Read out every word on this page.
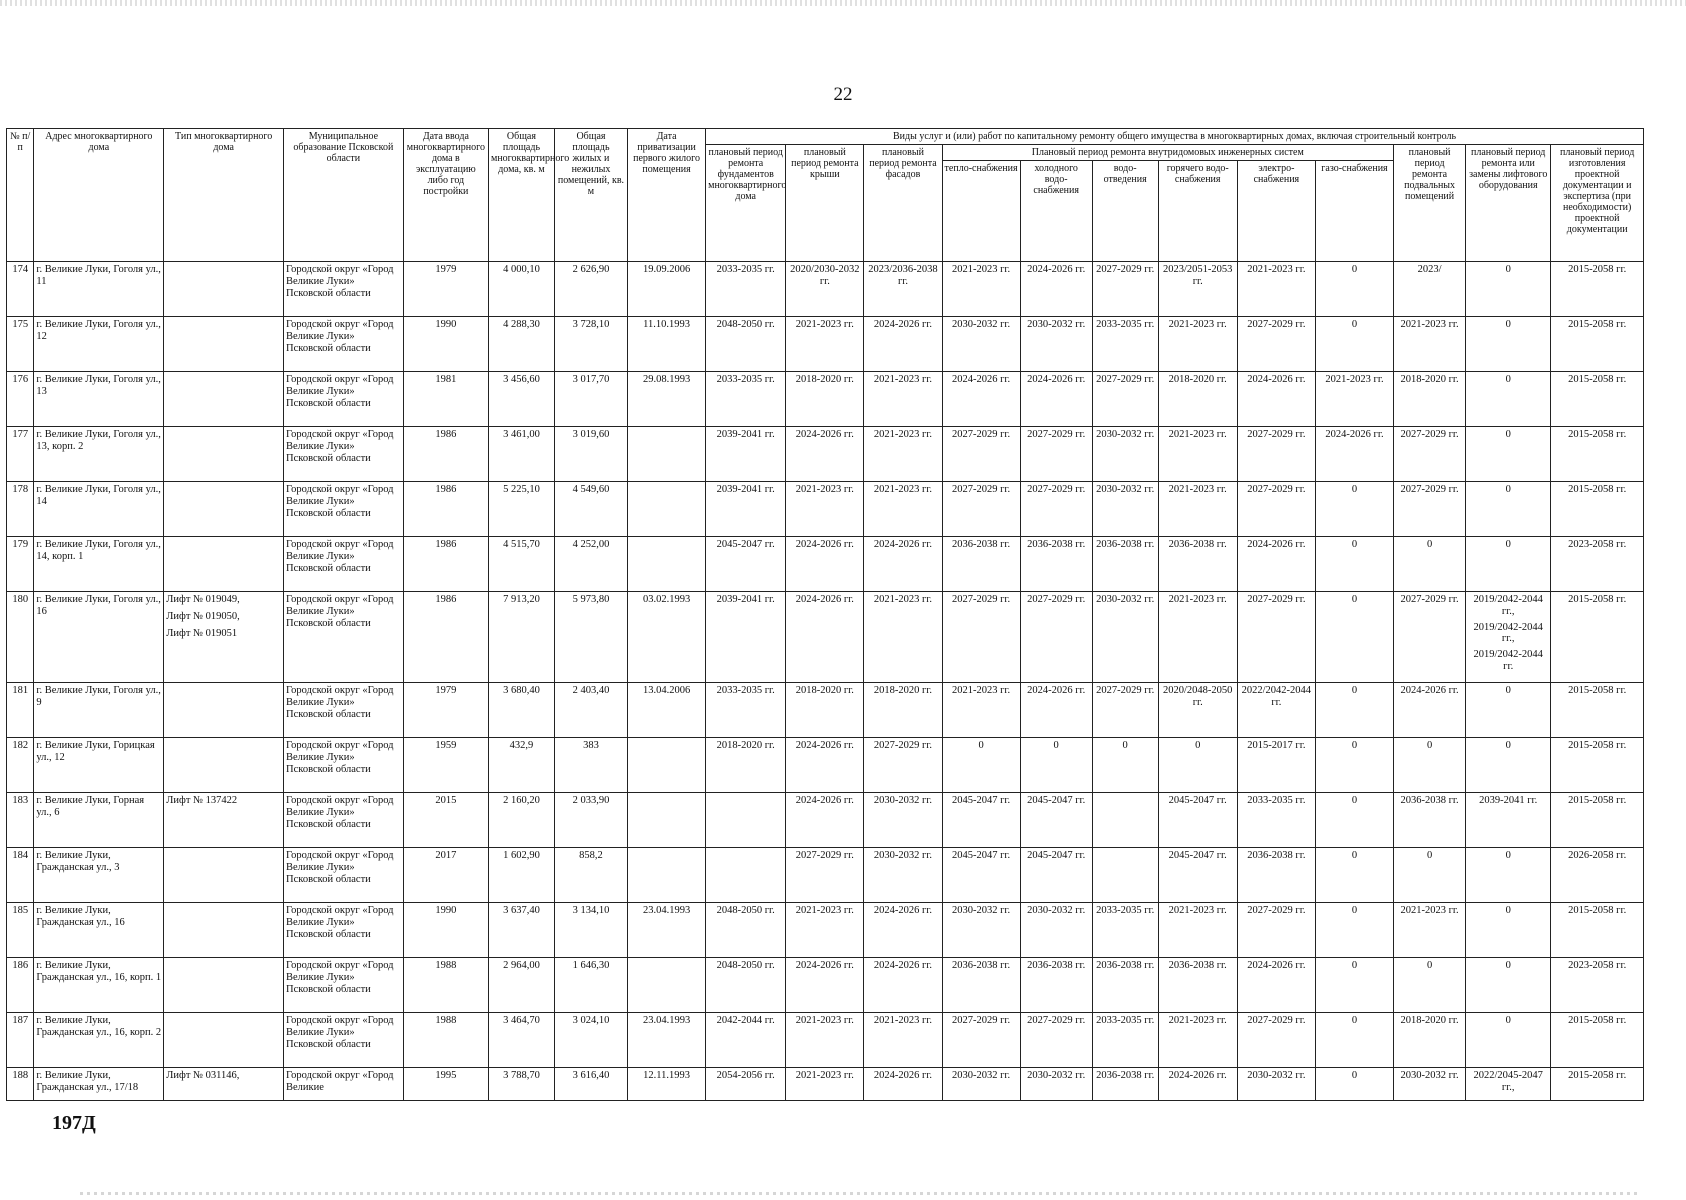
22
№ п/п	Адрес многоквартирного дома	Тип многоквартирного дома	Муниципальное образование Псковской области	Дата ввода многоквартирного дома в эксплуатацию либо год постройки	Общая площадь многоквартирного дома, кв. м	Общая площадь жилых и нежилых помещений, кв. м	Дата приватизации первого жилого помещения	Виды услуг и (или) работ по капитальному ремонту общего имущества в многоквартирных домах, включая строительный контроль											
								плановый период ремонта фундаментов многоквартирного дома	плановый период ремонта крыши	плановый период ремонта фасадов	Плановый период ремонта внутридомовых инженерных систем						плановый период ремонта подвальных помещений	плановый период ремонта или замены лифтового оборудования	плановый период изготовления проектной документации и экспертиза (при необходимости) проектной документации
											тепло-снабжения	холодного водо-снабжения	водо-отведения	горячего водо-снабжения	электро-снабжения	газо-снабжения			
174	г. Великие Луки, Гоголя ул., 11		Городской округ «Город Великие Луки» Псковской области	1979	4 000,10	2 626,90	19.09.2006	2033-2035 гг.	2020/2030-2032 гг.	2023/2036-2038 гг.	2021-2023 гг.	2024-2026 гг.	2027-2029 гг.	2023/2051-2053 гг.	2021-2023 гг.	0	2023/	0	2015-2058 гг.
175	г. Великие Луки, Гоголя ул., 12		Городской округ «Город Великие Луки» Псковской области	1990	4 288,30	3 728,10	11.10.1993	2048-2050 гг.	2021-2023 гг.	2024-2026 гг.	2030-2032 гг.	2030-2032 гг.	2033-2035 гг.	2021-2023 гг.	2027-2029 гг.	0	2021-2023 гг.	0	2015-2058 гг.
176	г. Великие Луки, Гоголя ул., 13		Городской округ «Город Великие Луки» Псковской области	1981	3 456,60	3 017,70	29.08.1993	2033-2035 гг.	2018-2020 гг.	2021-2023 гг.	2024-2026 гг.	2024-2026 гг.	2027-2029 гг.	2018-2020 гг.	2024-2026 гг.	2021-2023 гг.	2018-2020 гг.	0	2015-2058 гг.
177	г. Великие Луки, Гоголя ул., 13, корп. 2		Городской округ «Город Великие Луки» Псковской области	1986	3 461,00	3 019,60		2039-2041 гг.	2024-2026 гг.	2021-2023 гг.	2027-2029 гг.	2027-2029 гг.	2030-2032 гг.	2021-2023 гг.	2027-2029 гг.	2024-2026 гг.	2027-2029 гг.	0	2015-2058 гг.
178	г. Великие Луки, Гоголя ул., 14		Городской округ «Город Великие Луки» Псковской области	1986	5 225,10	4 549,60		2039-2041 гг.	2021-2023 гг.	2021-2023 гг.	2027-2029 гг.	2027-2029 гг.	2030-2032 гг.	2021-2023 гг.	2027-2029 гг.	0	2027-2029 гг.	0	2015-2058 гг.
179	г. Великие Луки, Гоголя ул., 14, корп. 1		Городской округ «Город Великие Луки» Псковской области	1986	4 515,70	4 252,00		2045-2047 гг.	2024-2026 гг.	2024-2026 гг.	2036-2038 гг.	2036-2038 гг.	2036-2038 гг.	2036-2038 гг.	2024-2026 гг.	0	0	0	2023-2058 гг.
180	г. Великие Луки, Гоголя ул., 16	Лифт № 019049,
Лифт № 019050,
Лифт № 019051	Городской округ «Город Великие Луки» Псковской области	1986	7 913,20	5 973,80	03.02.1993	2039-2041 гг.	2024-2026 гг.	2021-2023 гг.	2027-2029 гг.	2027-2029 гг.	2030-2032 гг.	2021-2023 гг.	2027-2029 гг.	0	2027-2029 гг.	2019/2042-2044 гг.,
2019/2042-2044 гг.,
2019/2042-2044 гг.	2015-2058 гг.
181	г. Великие Луки, Гоголя ул., 9		Городской округ «Город Великие Луки» Псковской области	1979	3 680,40	2 403,40	13.04.2006	2033-2035 гг.	2018-2020 гг.	2018-2020 гг.	2021-2023 гг.	2024-2026 гг.	2027-2029 гг.	2020/2048-2050 гг.	2022/2042-2044 гг.	0	2024-2026 гг.	0	2015-2058 гг.
182	г. Великие Луки, Горицкая ул., 12		Городской округ «Город Великие Луки» Псковской области	1959	432,9	383		2018-2020 гг.	2024-2026 гг.	2027-2029 гг.	0	0	0	0	2015-2017 гг.	0	0	0	2015-2058 гг.
183	г. Великие Луки, Горная ул., 6	Лифт № 137422	Городской округ «Город Великие Луки» Псковской области	2015	2 160,20	2 033,90			2024-2026 гг.	2030-2032 гг.	2045-2047 гг.	2045-2047 гг.		2045-2047 гг.	2033-2035 гг.	0	2036-2038 гг.	2039-2041 гг.	2015-2058 гг.
184	г. Великие Луки, Гражданская ул., 3		Городской округ «Город Великие Луки» Псковской области	2017	1 602,90	858,2			2027-2029 гг.	2030-2032 гг.	2045-2047 гг.	2045-2047 гг.		2045-2047 гг.	2036-2038 гг.	0	0	0	2026-2058 гг.
185	г. Великие Луки, Гражданская ул., 16		Городской округ «Город Великие Луки» Псковской области	1990	3 637,40	3 134,10	23.04.1993	2048-2050 гг.	2021-2023 гг.	2024-2026 гг.	2030-2032 гг.	2030-2032 гг.	2033-2035 гг.	2021-2023 гг.	2027-2029 гг.	0	2021-2023 гг.	0	2015-2058 гг.
186	г. Великие Луки, Гражданская ул., 16, корп. 1		Городской округ «Город Великие Луки» Псковской области	1988	2 964,00	1 646,30		2048-2050 гг.	2024-2026 гг.	2024-2026 гг.	2036-2038 гг.	2036-2038 гг.	2036-2038 гг.	2036-2038 гг.	2024-2026 гг.	0	0	0	2023-2058 гг.
187	г. Великие Луки, Гражданская ул., 16, корп. 2		Городской округ «Город Великие Луки» Псковской области	1988	3 464,70	3 024,10	23.04.1993	2042-2044 гг.	2021-2023 гг.	2021-2023 гг.	2027-2029 гг.	2027-2029 гг.	2033-2035 гг.	2021-2023 гг.	2027-2029 гг.	0	2018-2020 гг.	0	2015-2058 гг.
188	г. Великие Луки, Гражданская ул., 17/18	Лифт № 031146,	Городской округ «Город Великие	1995	3 788,70	3 616,40	12.11.1993	2054-2056 гг.	2021-2023 гг.	2024-2026 гг.	2030-2032 гг.	2030-2032 гг.	2036-2038 гг.	2024-2026 гг.	2030-2032 гг.	0	2030-2032 гг.	2022/2045-2047 гг.,	2015-2058 гг.
197Д
